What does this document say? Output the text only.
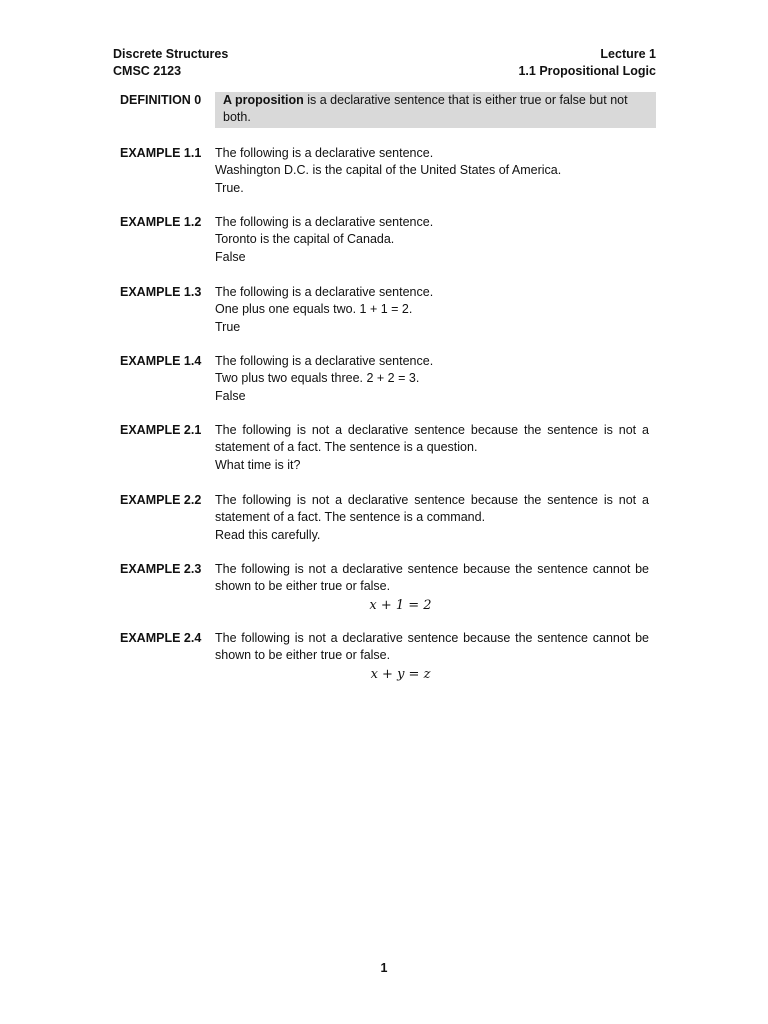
Discrete Structures	Lecture 1
CMSC 2123	1.1 Propositional Logic
DEFINITION 0	A proposition is a declarative sentence that is either true or false but not both.
EXAMPLE 1.1	The following is a declarative sentence.
Washington D.C. is the capital of the United States of America.
True.
EXAMPLE 1.2	The following is a declarative sentence.
Toronto is the capital of Canada.
False
EXAMPLE 1.3	The following is a declarative sentence.
One plus one equals two. 1 + 1 = 2.
True
EXAMPLE 1.4	The following is a declarative sentence.
Two plus two equals three. 2 + 2 = 3.
False
EXAMPLE 2.1	The following is not a declarative sentence because the sentence is not a statement of a fact. The sentence is a question.
What time is it?
EXAMPLE 2.2	The following is not a declarative sentence because the sentence is not a statement of a fact. The sentence is a command.
Read this carefully.
EXAMPLE 2.3	The following is not a declarative sentence because the sentence cannot be shown to be either true or false.
x + 1 = 2
EXAMPLE 2.4	The following is not a declarative sentence because the sentence cannot be shown to be either true or false.
x + y = z
1
